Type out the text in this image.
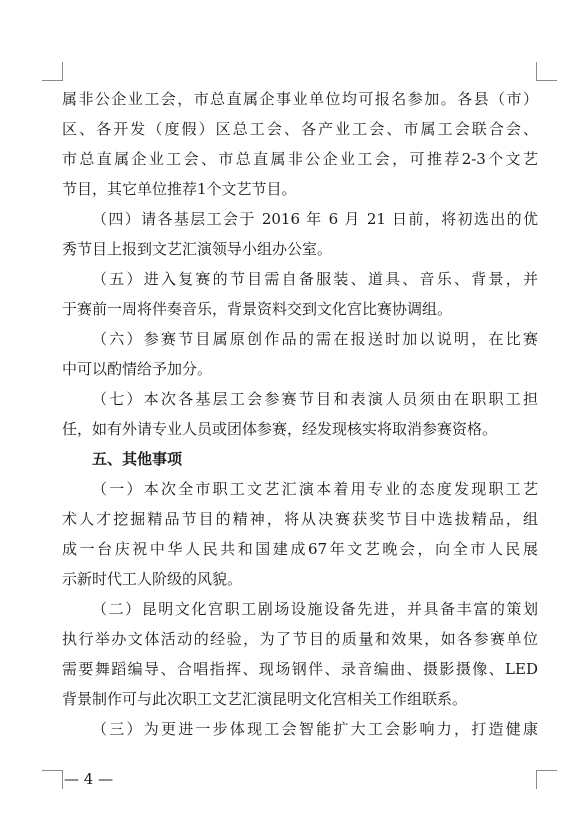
属非公企业工会，市总直属企事业单位均可报名参加。各县（市）
区、各开发（度假）区总工会、各产业工会、市属工会联合会、
市总直属企业工会、市总直属非公企业工会，可推荐2-3个文艺
节目，其它单位推荐1个文艺节目。
（四）请各基层工会于 2016 年 6 月 21 日前，将初选出的优
秀节目上报到文艺汇演领导小组办公室。
（五）进入复赛的节目需自备服装、道具、音乐、背景，并
于赛前一周将伴奏音乐，背景资料交到文化宫比赛协调组。
（六）参赛节目属原创作品的需在报送时加以说明，在比赛
中可以酌情给予加分。
（七）本次各基层工会参赛节目和表演人员须由在职职工担
任，如有外请专业人员或团体参赛，经发现核实将取消参赛资格。
五、其他事项
（一）本次全市职工文艺汇演本着用专业的态度发现职工艺
术人才挖掘精品节目的精神，将从决赛获奖节目中选拔精品，组
成一台庆祝中华人民共和国建成67年文艺晚会，向全市人民展
示新时代工人阶级的风貌。
（二）昆明文化宫职工剧场设施设备先进，并具备丰富的策划
执行举办文体活动的经验，为了节目的质量和效果，如各参赛单位
需要舞蹈编导、合唱指挥、现场钢伴、录音编曲、摄影摄像、LED
背景制作可与此次职工文艺汇演昆明文化宫相关工作组联系。
（三）为更进一步体现工会智能扩大工会影响力，打造健康
— 4 —
